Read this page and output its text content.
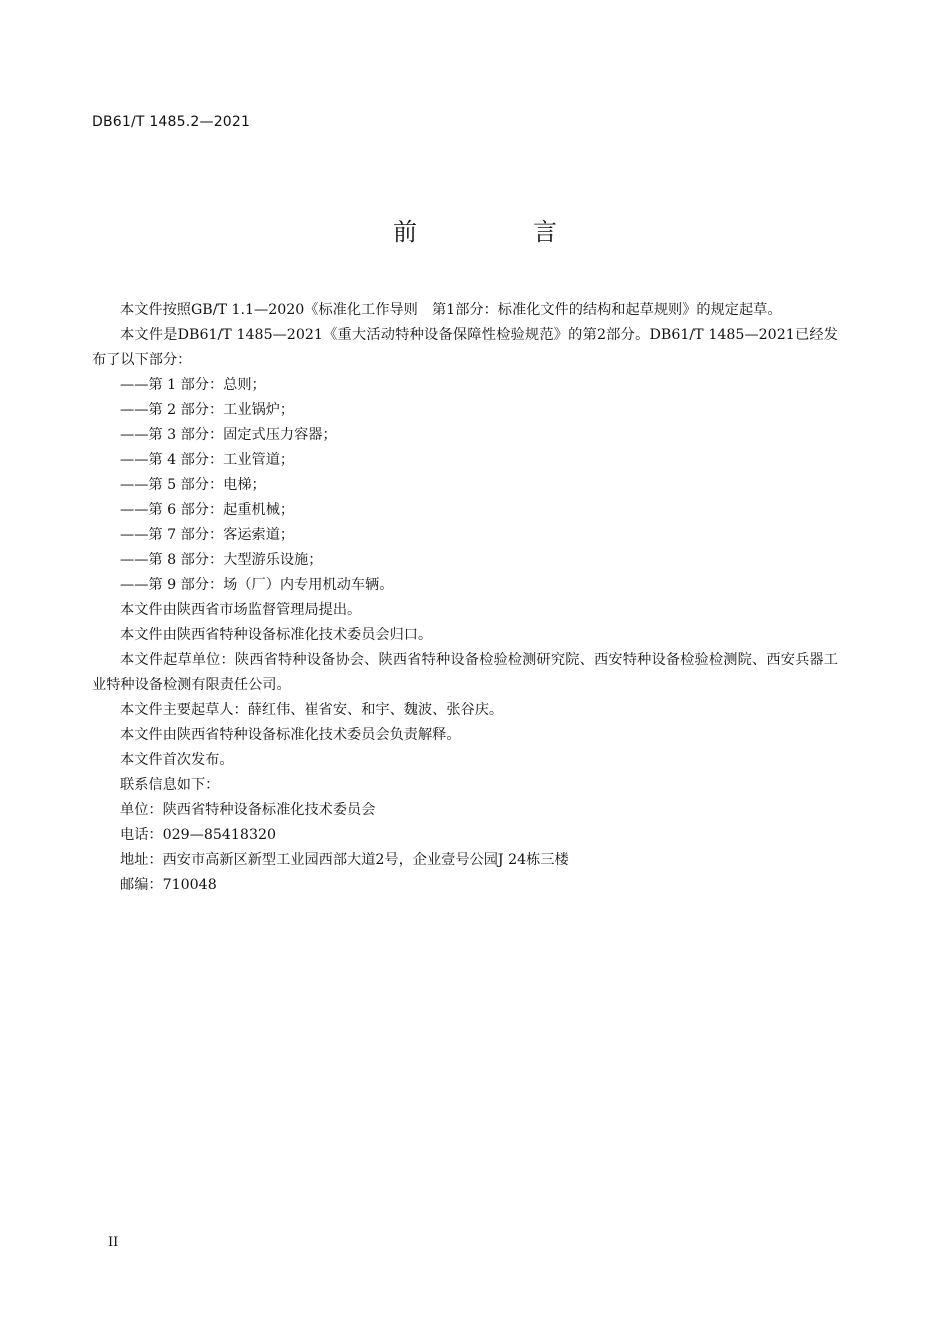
DB61/T 1485.2—2021
前　言

本文件按照GB/T 1.1—2020《标准化工作导则　第1部分：标准化文件的结构和起草规则》的规定起草。

本文件是DB61/T 1485—2021《重大活动特种设备保障性检验规范》的第2部分。DB61/T 1485—2021已经发布了以下部分：

——第 1 部分：总则；
——第 2 部分：工业锅炉；
——第 3 部分：固定式压力容器；
——第 4 部分：工业管道；
——第 5 部分：电梯；
——第 6 部分：起重机械；
——第 7 部分：客运索道；
——第 8 部分：大型游乐设施；
——第 9 部分：场（厂）内专用机动车辆。

本文件由陕西省市场监督管理局提出。

本文件由陕西省特种设备标准化技术委员会归口。

本文件起草单位：陕西省特种设备协会、陕西省特种设备检验检测研究院、西安特种设备检验检测院、西安兵器工业特种设备检测有限责任公司。

本文件主要起草人：薛红伟、崔省安、和宇、魏波、张谷庆。

本文件由陕西省特种设备标准化技术委员会负责解释。

本文件首次发布。

联系信息如下：

单位：陕西省特种设备标准化技术委员会

电话：029—85418320

地址：西安市高新区新型工业园西部大道2号，企业壹号公园J 24栋三楼

邮编：710048

II
